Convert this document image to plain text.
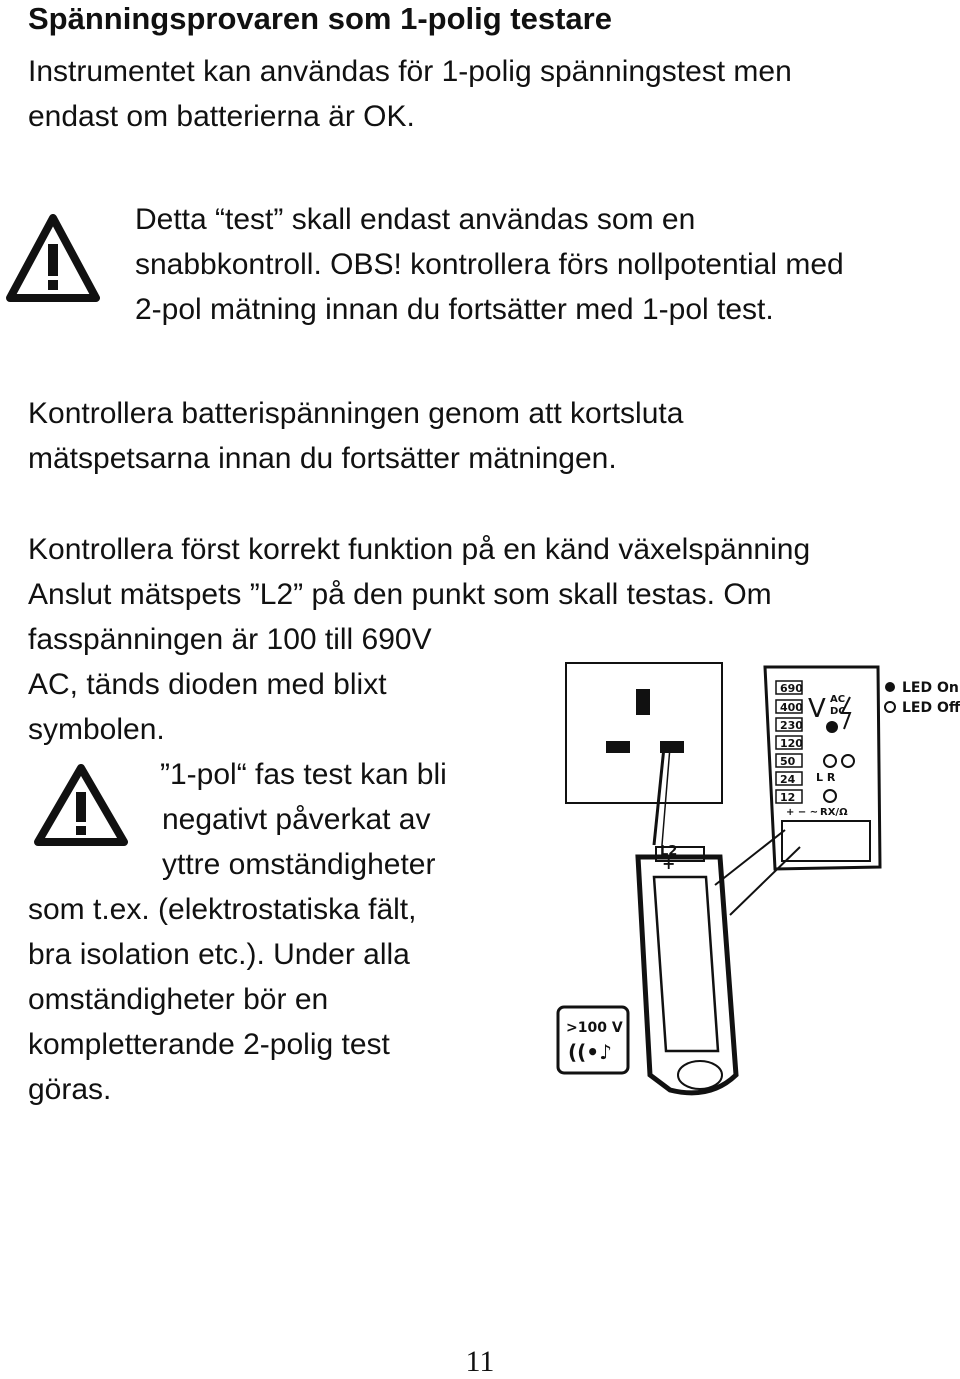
Spänningsprovaren som 1-polig testare
Instrumentet kan användas för 1-polig spänningstest men
endast om batterierna är OK.
Detta “test” skall endast användas som en
snabbkontroll. OBS! kontrollera förs nollpotential med
2-pol mätning innan du fortsätter med 1-pol test.
Kontrollera batterispänningen genom att kortsluta
mätspetsarna innan du fortsätter mätningen.
Kontrollera först korrekt funktion på en känd växelspänning
Anslut mätspets ”L2” på den punkt som skall testas. Om
fasspänningen är 100 till 690V
AC, tänds dioden med blixt
symbolen.
”1-pol“ fas test kan bli
negativt påverkat av
yttre omständigheter
som t.ex. (elektrostatiska fält,
bra isolation etc.). Under alla
omständigheter bör en
kompletterande 2-polig test
göras.
L2
+
690
400
230
120
50
24
12
V AC
DC
L R
+ − ∼ RX/Ω
LED On
LED Off
>100 V
((•♪
11
